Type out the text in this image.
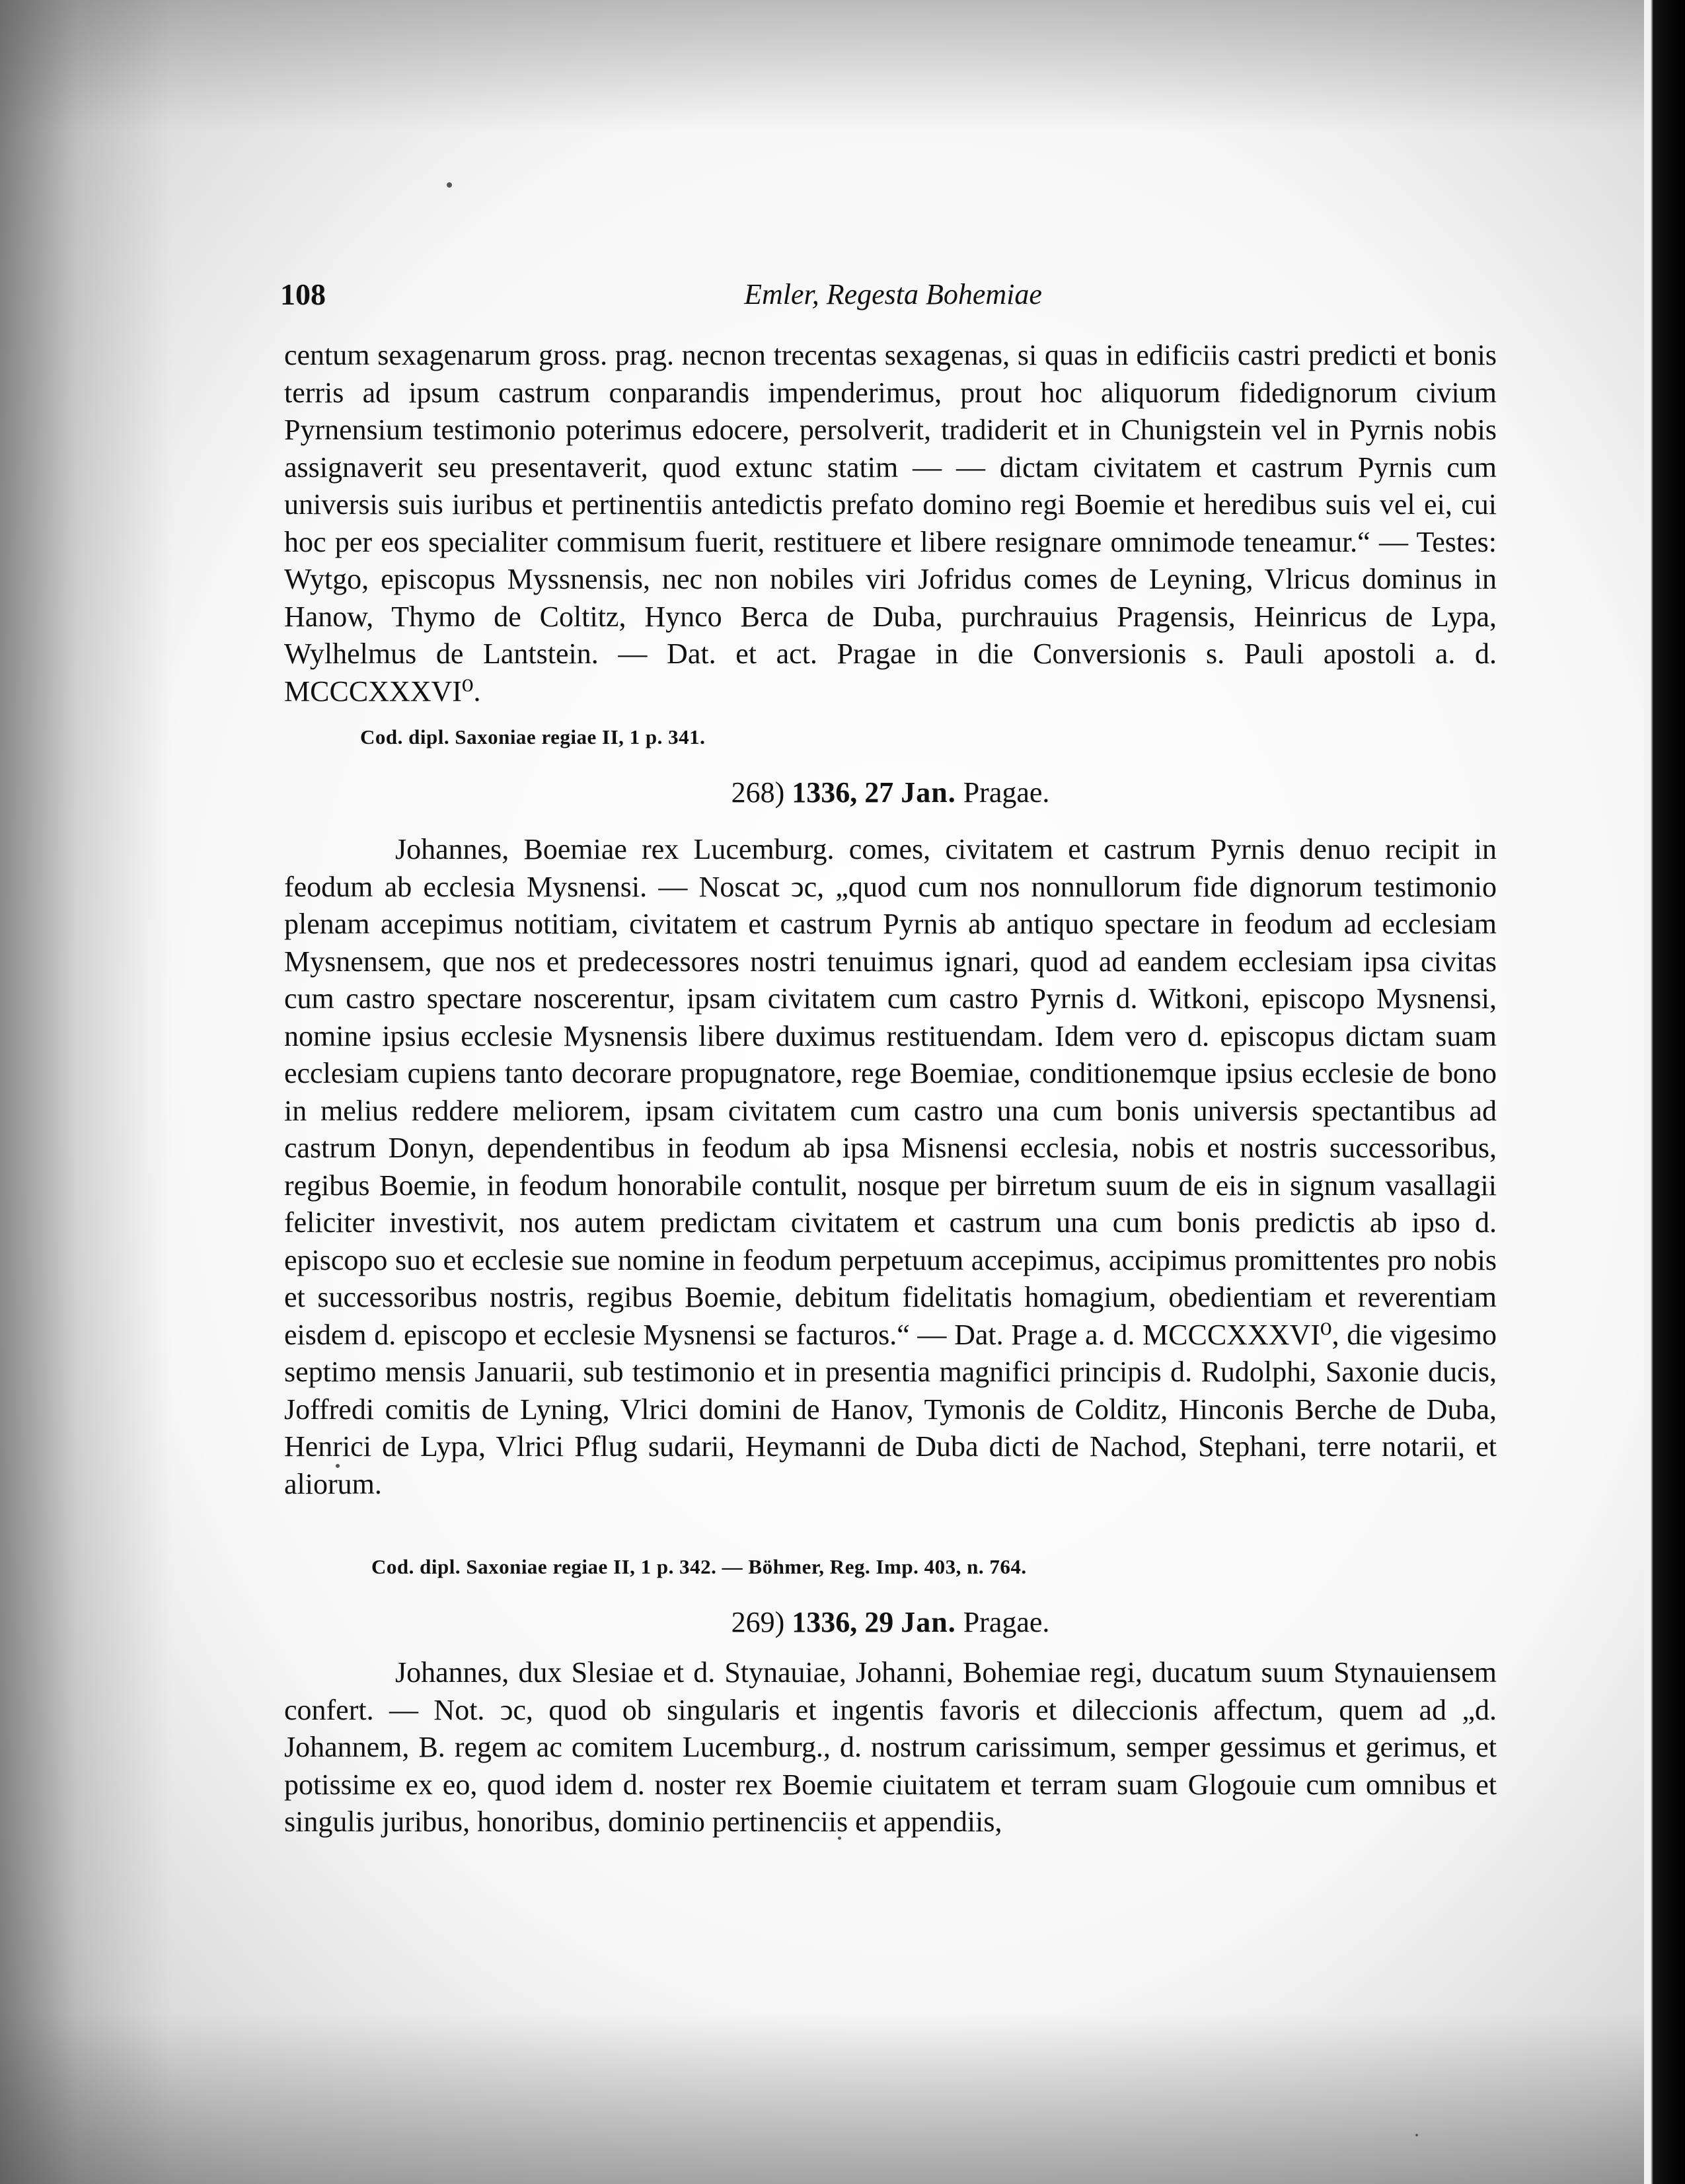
108	Emler, Regesta Bohemiae

centum sexagenarum gross. prag. necnon trecentas sexagenas, si quas in edificiis castri predicti et bonis terris ad ipsum castrum conparandis impenderimus, prout hoc aliquorum fidedignorum civium Pyrnensium testimonio poterimus edocere, persolverit, tradiderit et in Chunigstein vel in Pyrnis nobis assignaverit seu presentaverit, quod extunc statim — — dictam civitatem et castrum Pyrnis cum universis suis iuribus et pertinentiis antedictis prefato domino regi Boemie et heredibus suis vel ei, cui hoc per eos specialiter commisum fuerit, restituere et libere resignare omnimode teneamur.“ — Testes: Wytgo, episcopus Myssnensis, nec non nobiles viri Jofridus comes de Leyning, Vlricus dominus in Hanow, Thymo de Coltitz, Hynco Berca de Duba, purchrauius Pragensis, Heinricus de Lypa, Wylhelmus de Lantstein. — Dat. et act. Pragae in die Conversionis s. Pauli apostoli a. d. MCCCXXXVI⁰.

Cod. dipl. Saxoniae regiae II, 1 p. 341.
268) 1336, 27 Jan. Pragae.

Johannes, Boemiae rex Lucemburg. comes, civitatem et castrum Pyrnis denuo recipit in feodum ab ecclesia Mysnensi. — Noscat ↄc, „quod cum nos nonnullorum fide dignorum testimonio plenam accepimus notitiam, civitatem et castrum Pyrnis ab antiquo spectare in feodum ad ecclesiam Mysnensem, que nos et predecessores nostri tenuimus ignari, quod ad eandem ecclesiam ipsa civitas cum castro spectare noscerentur, ipsam civitatem cum castro Pyrnis d. Witkoni, episcopo Mysnensi, nomine ipsius ecclesie Mysnensis libere duximus restituendam. Idem vero d. episcopus dictam suam ecclesiam cupiens tanto decorare propugnatore, rege Boemiae, conditionemque ipsius ecclesie de bono in melius reddere meliorem, ipsam civitatem cum castro una cum bonis universis spectantibus ad castrum Donyn, dependentibus in feodum ab ipsa Misnensi ecclesia, nobis et nostris successoribus, regibus Boemie, in feodum honorabile contulit, nosque per birretum suum de eis in signum vasallagii feliciter investivit, nos autem predictam civitatem et castrum una cum bonis predictis ab ipso d. episcopo suo et ecclesie sue nomine in feodum perpetuum accepimus, accipimus promittentes pro nobis et successoribus nostris, regibus Boemie, debitum fidelitatis homagium, obedientiam et reverentiam eisdem d. episcopo et ecclesie Mysnensi se facturos.“ — Dat. Prage a. d. MCCCXXXVI⁰, die vigesimo septimo mensis Januarii, sub testimonio et in presentia magnifici principis d. Rudolphi, Saxonie ducis, Joffredi comitis de Lyning, Vlrici domini de Hanov, Tymonis de Colditz, Hinconis Berche de Duba, Henrici de Lypa, Vlrici Pflug sudarii, Heymanni de Duba dicti de Nachod, Stephani, terre notarii, et aliorum.

Cod. dipl. Saxoniae regiae II, 1 p. 342. — Böhmer, Reg. Imp. 403, n. 764.
269) 1336, 29 Jan. Pragae.

Johannes, dux Slesiae et d. Stynauiae, Johanni, Bohemiae regi, ducatum suum Stynauiensem confert. — Not. ↄc, quod ob singularis et ingentis favoris et dileccionis affectum, quem ad „d. Johannem, B. regem ac comitem Lucemburg., d. nostrum carissimum, semper gessimus et gerimus, et potissime ex eo, quod idem d. noster rex Boemie ciuitatem et terram suam Glogouie cum omnibus et singulis juribus, honoribus, dominio pertinenciis et appendiis,
